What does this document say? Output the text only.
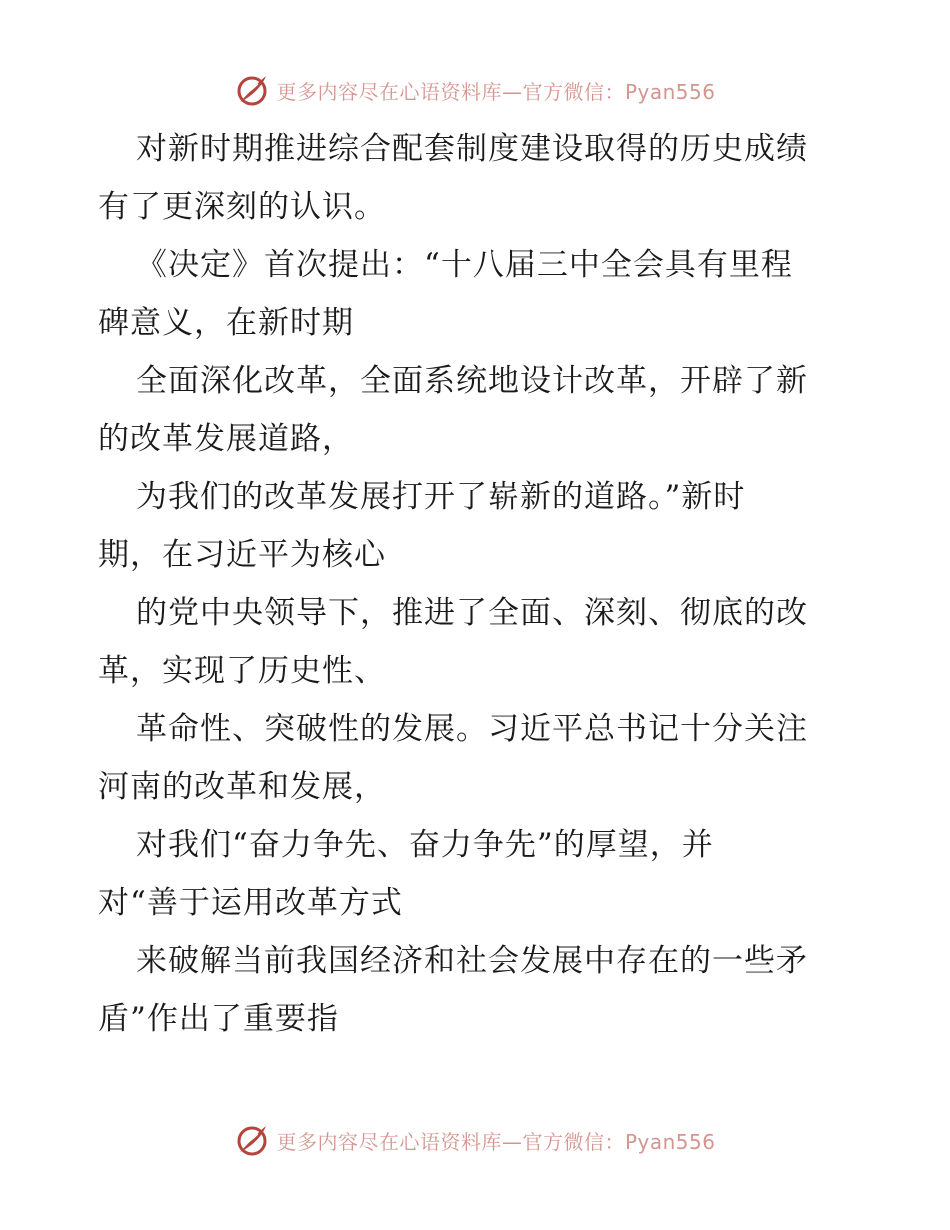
更多内容尽在心语资料库—官方微信：Pyan556
对新时期推进综合配套制度建设取得的历史成绩
有了更深刻的认识。
《决定》首次提出：“十八届三中全会具有里程
碑意义，在新时期
全面深化改革，全面系统地设计改革，开辟了新
的改革发展道路，
为我们的改革发展打开了崭新的道路。”新时
期，在习近平为核心
的党中央领导下，推进了全面、深刻、彻底的改
革，实现了历史性、
革命性、突破性的发展。习近平总书记十分关注
河南的改革和发展，
对我们“奋力争先、奋力争先”的厚望，并
对“善于运用改革方式
来破解当前我国经济和社会发展中存在的一些矛
盾”作出了重要指
更多内容尽在心语资料库—官方微信：Pyan556
